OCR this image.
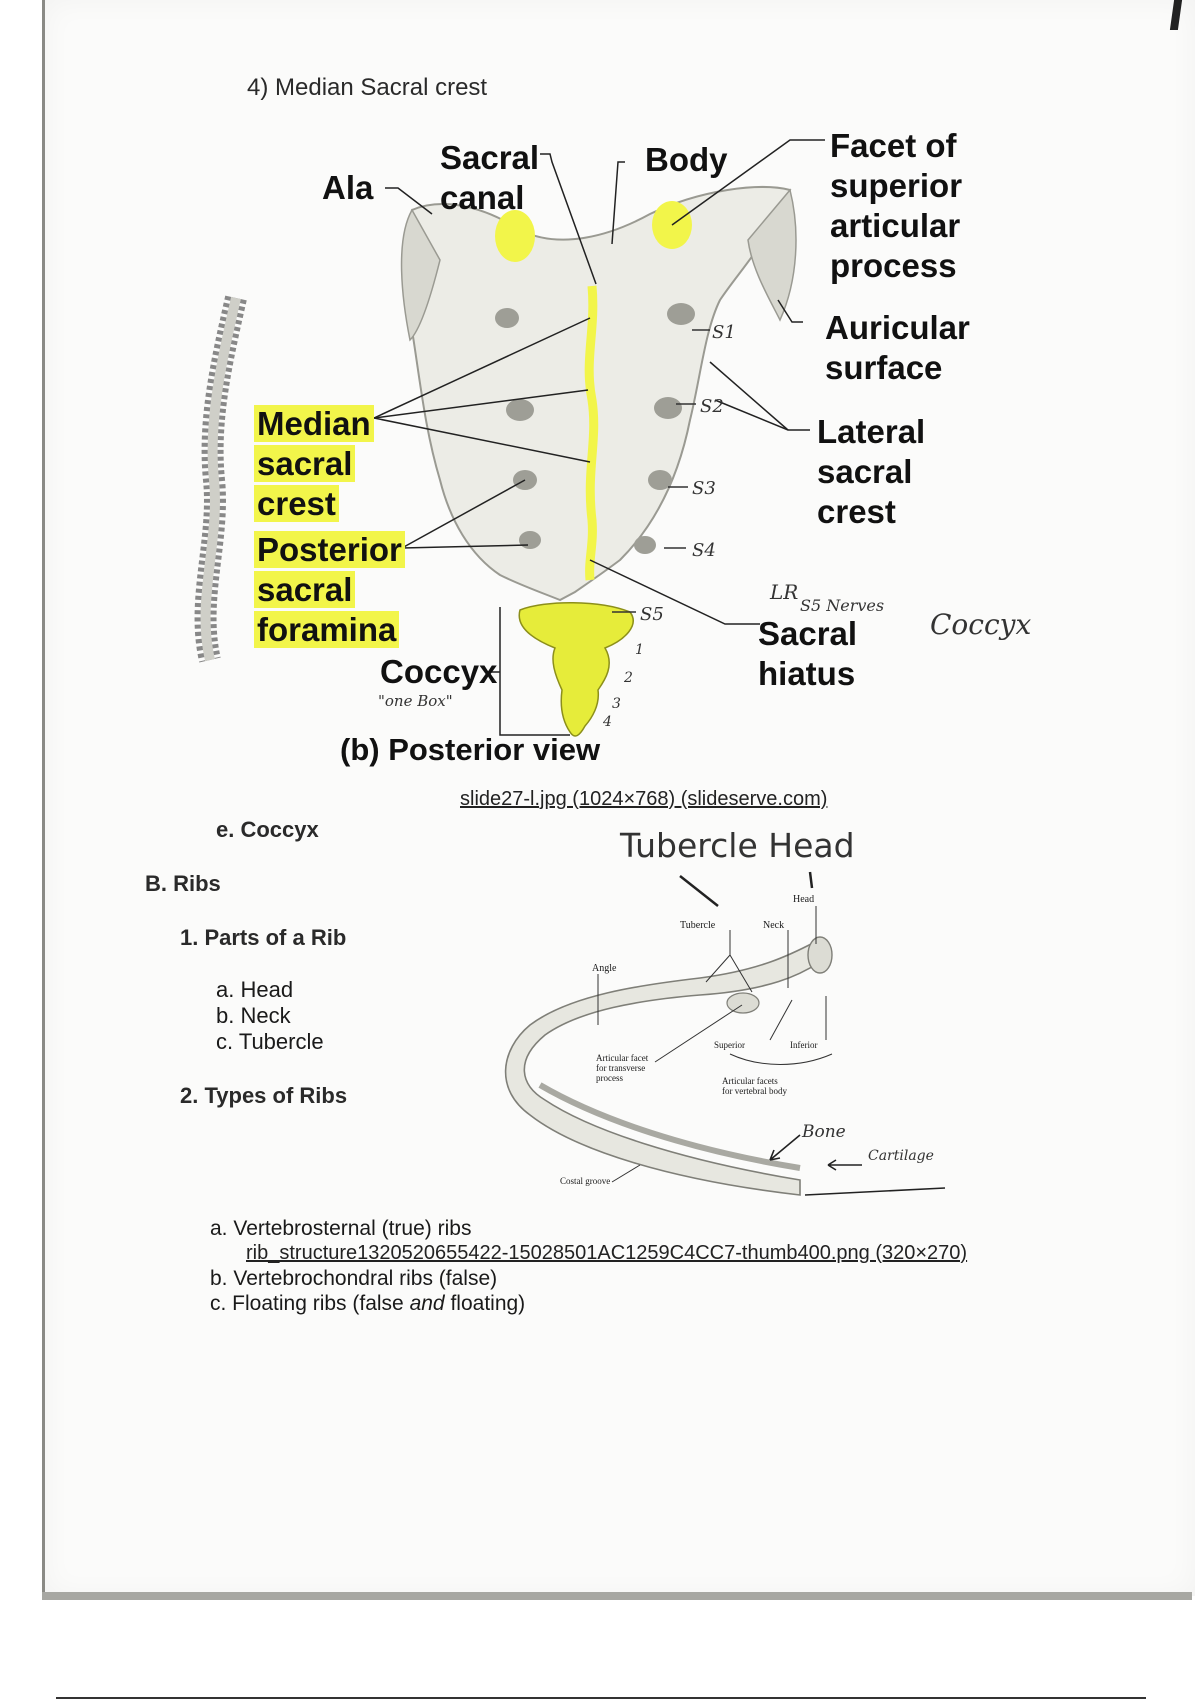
4) Median Sacral crest
Ala
Sacral
canal
Body	Facet of
superior
articular
process
Auricular
surface
Lateral
sacral
crest
Median
sacral
crest
Posterior
sacral
foramina
Coccyx
Sacral
hiatus
(b) Posterior view
"one Box"
LR
S5 Nerves
Coccyx
S1
S2
S3
S4
S5
1
2
3
4
slide27-l.jpg (1024×768) (slideserve.com)
e. Coccyx
B. Ribs
1. Parts of a Rib
a. Head
b. Neck
c. Tubercle
2. Types of Ribs
Tubercle Head
Head
Tubercle	Neck
Angle
Articular facet
for transverse
process
Superior	Inferior
Articular facets
for vertebral body
Costal groove
Bone
Cartilage
a. Vertebrosternal (true) ribs
rib_structure1320520655422-15028501AC1259C4CC7-thumb400.png (320×270)
b. Vertebrochondral ribs (false)
c. Floating ribs (false and floating)
